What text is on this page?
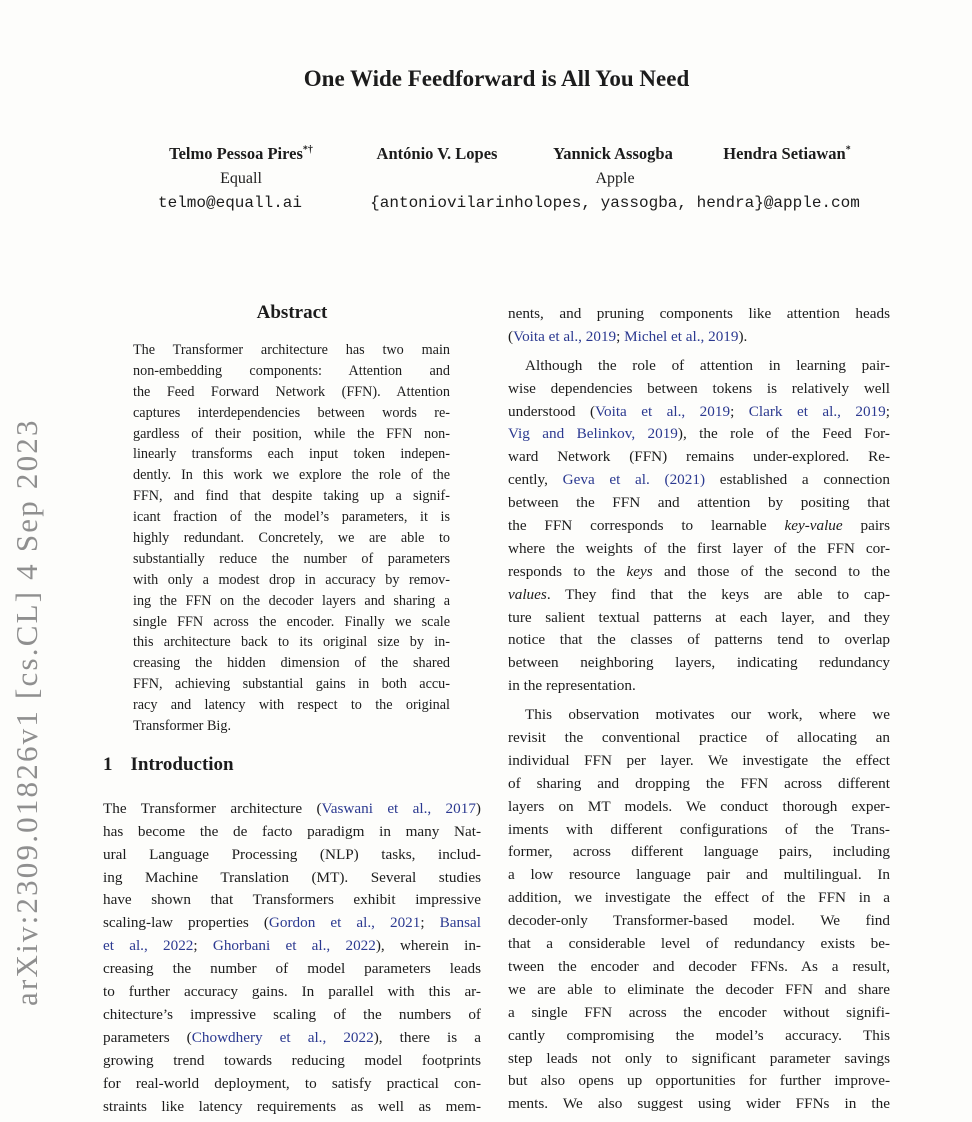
arXiv:2309.01826v1 [cs.CL] 4 Sep 2023
One Wide Feedforward is All You Need
Telmo Pessoa Pires*†	António V. Lopes	Yannick Assogba	Hendra Setiawan*
Equall	Apple
telmo@equall.ai	{antoniovilarinholopes, yassogba, hendra}@apple.com
Abstract
The Transformer architecture has two main
non-embedding components: Attention and
the Feed Forward Network (FFN). Attention
captures interdependencies between words re-
gardless of their position, while the FFN non-
linearly transforms each input token indepen-
dently. In this work we explore the role of the
FFN, and find that despite taking up a signif-
icant fraction of the model’s parameters, it is
highly redundant. Concretely, we are able to
substantially reduce the number of parameters
with only a modest drop in accuracy by remov-
ing the FFN on the decoder layers and sharing a
single FFN across the encoder. Finally we scale
this architecture back to its original size by in-
creasing the hidden dimension of the shared
FFN, achieving substantial gains in both accu-
racy and latency with respect to the original
Transformer Big.
1 Introduction
The Transformer architecture (Vaswani et al., 2017)
has become the de facto paradigm in many Nat-
ural Language Processing (NLP) tasks, includ-
ing Machine Translation (MT). Several studies
have shown that Transformers exhibit impressive
scaling-law properties (Gordon et al., 2021; Bansal
et al., 2022; Ghorbani et al., 2022), wherein in-
creasing the number of model parameters leads
to further accuracy gains. In parallel with this ar-
chitecture’s impressive scaling of the numbers of
parameters (Chowdhery et al., 2022), there is a
growing trend towards reducing model footprints
for real-world deployment, to satisfy practical con-
straints like latency requirements as well as mem-
nents, and pruning components like attention heads
(Voita et al., 2019; Michel et al., 2019).
Although the role of attention in learning pair-
wise dependencies between tokens is relatively well
understood (Voita et al., 2019; Clark et al., 2019;
Vig and Belinkov, 2019), the role of the Feed For-
ward Network (FFN) remains under-explored. Re-
cently, Geva et al. (2021) established a connection
between the FFN and attention by positing that
the FFN corresponds to learnable key-value pairs
where the weights of the first layer of the FFN cor-
responds to the keys and those of the second to the
values. They find that the keys are able to cap-
ture salient textual patterns at each layer, and they
notice that the classes of patterns tend to overlap
between neighboring layers, indicating redundancy
in the representation.
This observation motivates our work, where we
revisit the conventional practice of allocating an
individual FFN per layer. We investigate the effect
of sharing and dropping the FFN across different
layers on MT models. We conduct thorough exper-
iments with different configurations of the Trans-
former, across different language pairs, including
a low resource language pair and multilingual. In
addition, we investigate the effect of the FFN in a
decoder-only Transformer-based model. We find
that a considerable level of redundancy exists be-
tween the encoder and decoder FFNs. As a result,
we are able to eliminate the decoder FFN and share
a single FFN across the encoder without signifi-
cantly compromising the model’s accuracy. This
step leads not only to significant parameter savings
but also opens up opportunities for further improve-
ments. We also suggest using wider FFNs in the
